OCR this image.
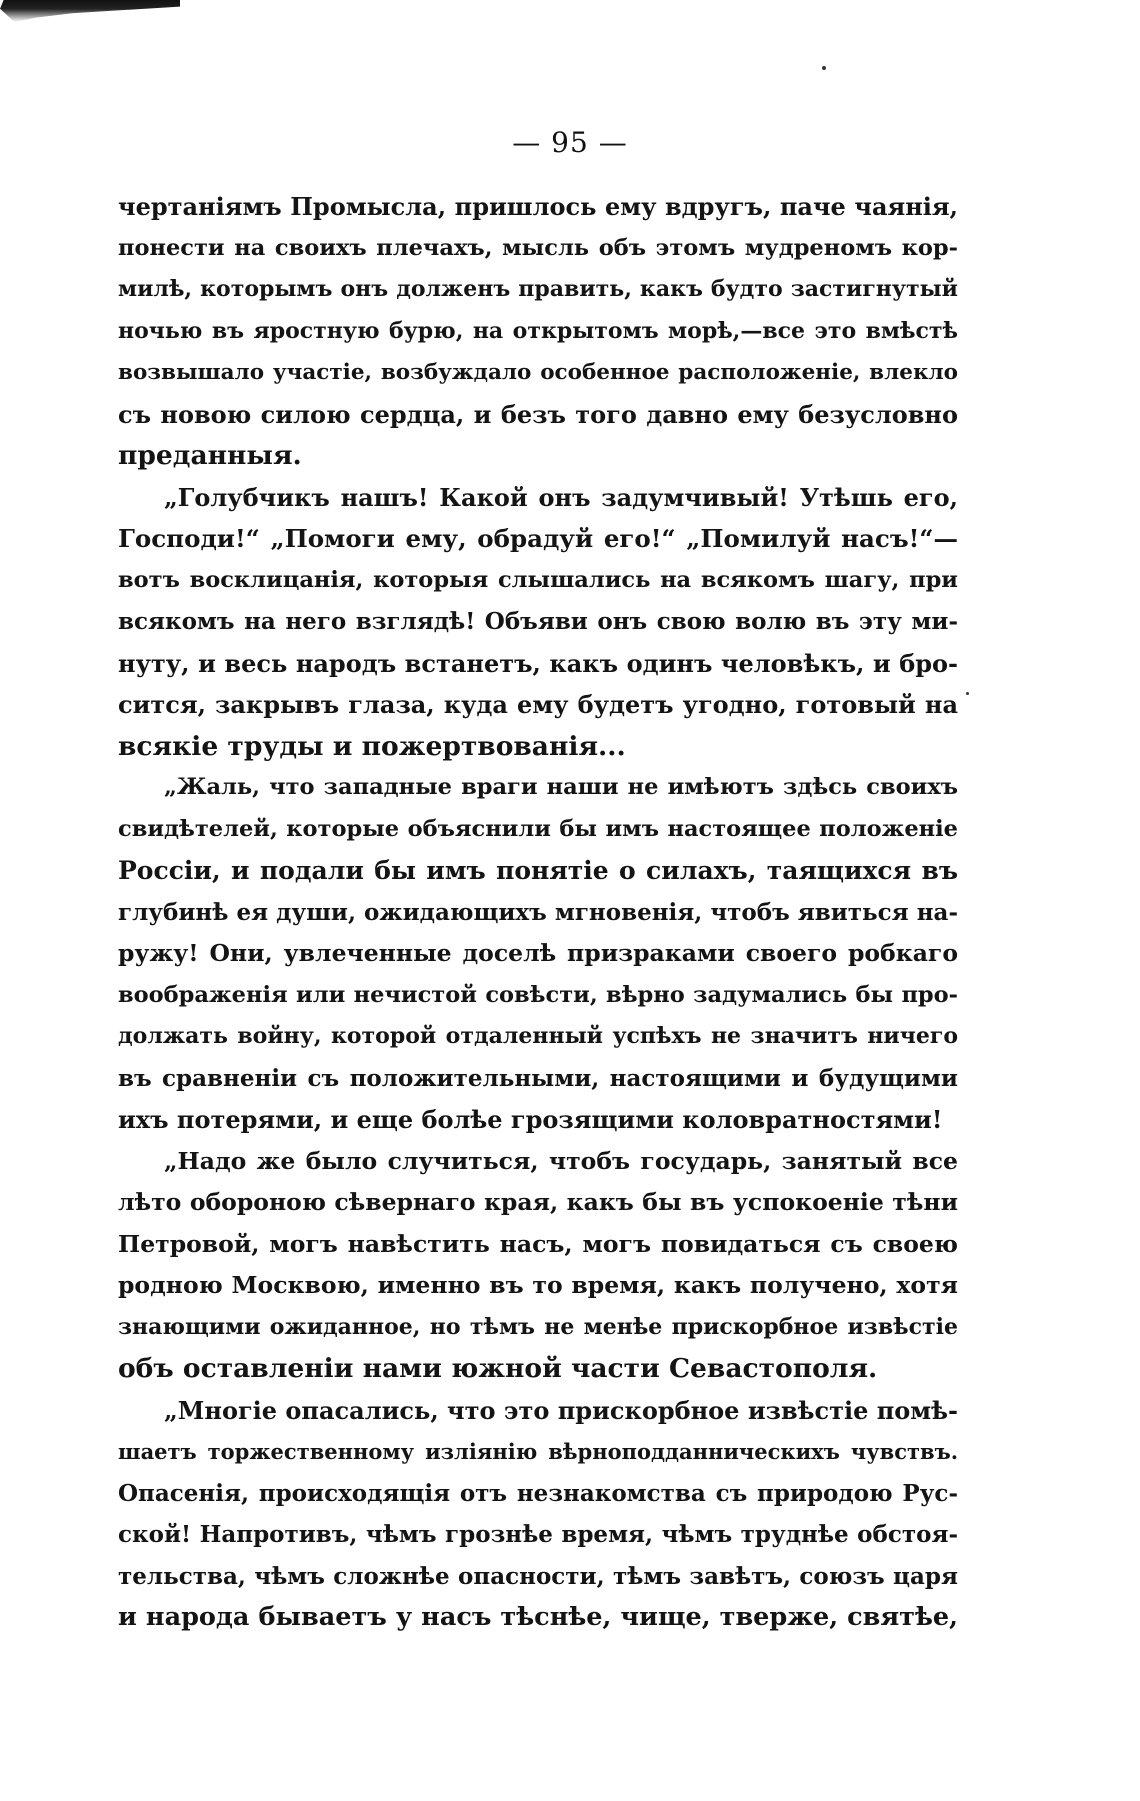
— 95 —
чертаніямъ Промысла, пришлось ему вдругъ, паче чаянія,
понести на своихъ плечахъ, мысль объ этомъ мудреномъ кор-
милѣ, которымъ онъ долженъ править, какъ будто застигнутый
ночью въ яростную бурю, на открытомъ морѣ,—все это вмѣстѣ
возвышало участіе, возбуждало особенное расположеніе, влекло
съ новою силою сердца, и безъ того давно ему безусловно
преданныя.
„Голубчикъ нашъ! Какой онъ задумчивый! Утѣшь его,
Господи!“ „Помоги ему, обрадуй его!“ „Помилуй насъ!“—
вотъ восклицанія, которыя слышались на всякомъ шагу, при
всякомъ на него взглядѣ! Объяви онъ свою волю въ эту ми-
нуту, и весь народъ встанетъ, какъ одинъ человѣкъ, и бро-
сится, закрывъ глаза, куда ему будетъ угодно, готовый на
всякіе труды и пожертвованія...
„Жаль, что западные враги наши не имѣютъ здѣсь своихъ
свидѣтелей, которые объяснили бы имъ настоящее положеніе
Россіи, и подали бы имъ понятіе о силахъ, таящихся въ
глубинѣ ея души, ожидающихъ мгновенія, чтобъ явиться на-
ружу! Они, увлеченные доселѣ призраками своего робкаго
воображенія или нечистой совѣсти, вѣрно задумались бы про-
должать войну, которой отдаленный успѣхъ не значитъ ничего
въ сравненіи съ положительными, настоящими и будущими
ихъ потерями, и еще болѣе грозящими коловратностями!
„Надо же было случиться, чтобъ государь, занятый все
лѣто обороною сѣвернаго края, какъ бы въ успокоеніе тѣни
Петровой, могъ навѣстить насъ, могъ повидаться съ своею
родною Москвою, именно въ то время, какъ получено, хотя
знающими ожиданное, но тѣмъ не менѣе прискорбное извѣстіе
объ оставленіи нами южной части Севастополя.
„Многіе опасались, что это прискорбное извѣстіе помѣ-
шаетъ торжественному изліянію вѣрноподданническихъ чувствъ.
Опасенія, происходящія отъ незнакомства съ природою Рус-
ской! Напротивъ, чѣмъ грознѣе время, чѣмъ труднѣе обстоя-
тельства, чѣмъ сложнѣе опасности, тѣмъ завѣтъ, союзъ царя
и народа бываетъ у насъ тѣснѣе, чище, тверже, святѣе,
